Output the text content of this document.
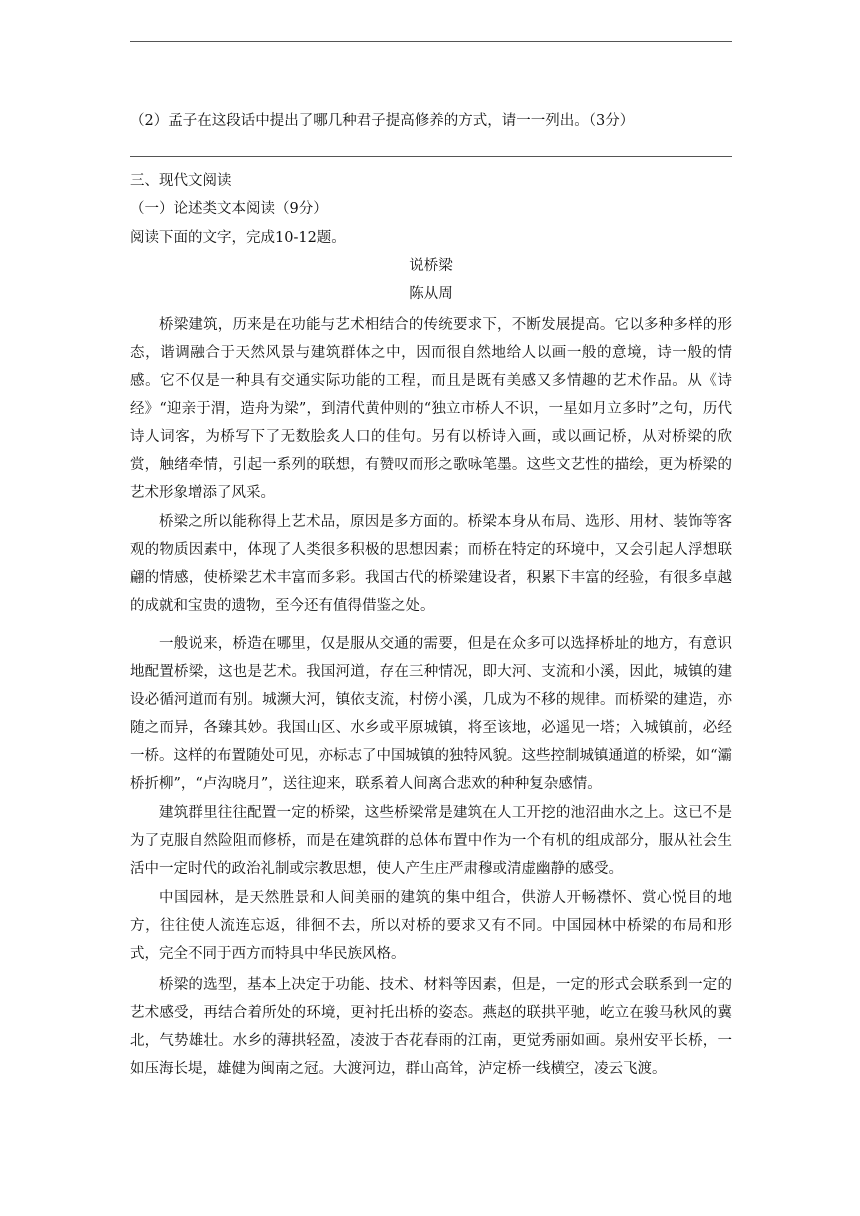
（2）孟子在这段话中提出了哪几种君子提高修养的方式，请一一列出。（3分）
三、现代文阅读
（一）论述类文本阅读（9分）
阅读下面的文字，完成10-12题。
说桥梁
陈从周

桥梁建筑，历来是在功能与艺术相结合的传统要求下，不断发展提高。它以多种多样的形态，谐调融合于天然风景与建筑群体之中，因而很自然地给人以画一般的意境，诗一般的情感。它不仅是一种具有交通实际功能的工程，而且是既有美感又多情趣的艺术作品。从《诗经》“迎亲于渭，造舟为梁”，到清代黄仲则的“独立市桥人不识，一星如月立多时”之句，历代诗人词客，为桥写下了无数脍炙人口的佳句。另有以桥诗入画，或以画记桥，从对桥梁的欣赏，触绪牵情，引起一系列的联想，有赞叹而形之歌咏笔墨。这些文艺性的描绘，更为桥梁的艺术形象增添了风采。

桥梁之所以能称得上艺术品，原因是多方面的。桥梁本身从布局、选形、用材、装饰等客观的物质因素中，体现了人类很多积极的思想因素；而桥在特定的环境中，又会引起人浮想联翩的情感，使桥梁艺术丰富而多彩。我国古代的桥梁建设者，积累下丰富的经验，有很多卓越的成就和宝贵的遗物，至今还有值得借鉴之处。

一般说来，桥造在哪里，仅是服从交通的需要，但是在众多可以选择桥址的地方，有意识地配置桥梁，这也是艺术。我国河道，存在三种情况，即大河、支流和小溪，因此，城镇的建设必循河道而有别。城濒大河，镇依支流，村傍小溪，几成为不移的规律。而桥梁的建造，亦随之而异，各臻其妙。我国山区、水乡或平原城镇，将至该地，必遥见一塔；入城镇前，必经一桥。这样的布置随处可见，亦标志了中国城镇的独特风貌。这些控制城镇通道的桥梁，如“灞桥折柳”，“卢沟晓月”，送往迎来，联系着人间离合悲欢的种种复杂感情。

建筑群里往往配置一定的桥梁，这些桥梁常是建筑在人工开挖的池沼曲水之上。这已不是为了克服自然险阻而修桥，而是在建筑群的总体布置中作为一个有机的组成部分，服从社会生活中一定时代的政治礼制或宗教思想，使人产生庄严肃穆或清虚幽静的感受。

中国园林，是天然胜景和人间美丽的建筑的集中组合，供游人开畅襟怀、赏心悦目的地方，往往使人流连忘返，徘徊不去，所以对桥的要求又有不同。中国园林中桥梁的布局和形式，完全不同于西方而特具中华民族风格。

桥梁的选型，基本上决定于功能、技术、材料等因素，但是，一定的形式会联系到一定的艺术感受，再结合着所处的环境，更衬托出桥的姿态。燕赵的联拱平驰，屹立在骏马秋风的冀北，气势雄壮。水乡的薄拱轻盈，凌波于杏花春雨的江南，更觉秀丽如画。泉州安平长桥，一如压海长堤，雄健为闽南之冠。大渡河边，群山高耸，泸定桥一线横空，凌云飞渡。
